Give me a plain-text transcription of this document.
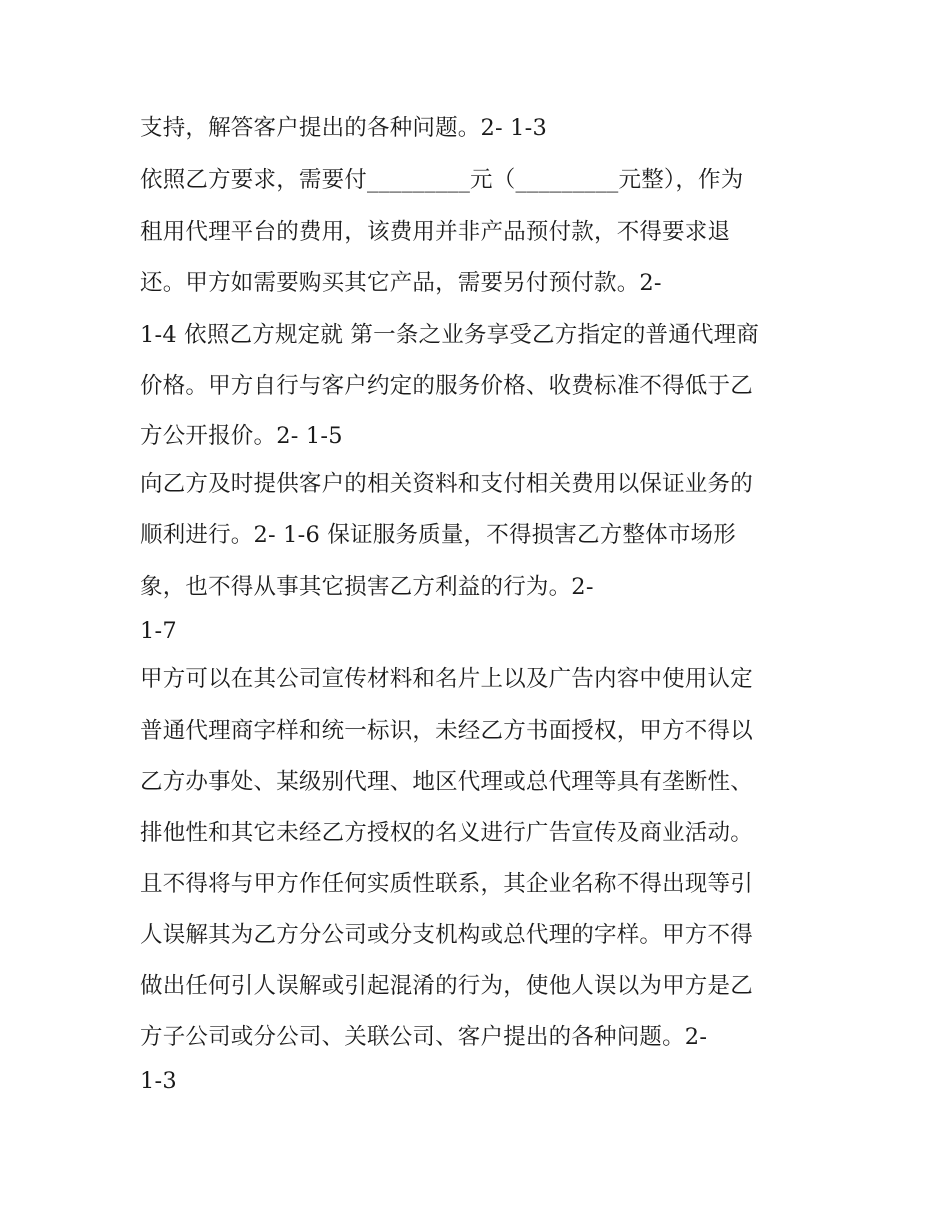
支持，解答客户提出的各种问题。2- 1-3
依照乙方要求，需要付_________元（_________元整），作为
租用代理平台的费用，该费用并非产品预付款，不得要求退
还。甲方如需要购买其它产品，需要另付预付款。2-
1-4 依照乙方规定就 第一条之业务享受乙方指定的普通代理商
价格。甲方自行与客户约定的服务价格、收费标准不得低于乙
方公开报价。2- 1-5
向乙方及时提供客户的相关资料和支付相关费用以保证业务的
顺利进行。2- 1-6 保证服务质量，不得损害乙方整体市场形
象，也不得从事其它损害乙方利益的行为。2-
1-7
甲方可以在其公司宣传材料和名片上以及广告内容中使用认定
普通代理商字样和统一标识，未经乙方书面授权，甲方不得以
乙方办事处、某级别代理、地区代理或总代理等具有垄断性、
排他性和其它未经乙方授权的名义进行广告宣传及商业活动。
且不得将与甲方作任何实质性联系，其企业名称不得出现等引
人误解其为乙方分公司或分支机构或总代理的字样。甲方不得
做出任何引人误解或引起混淆的行为，使他人误以为甲方是乙
方子公司或分公司、关联公司、客户提出的各种问题。2-
1-3
